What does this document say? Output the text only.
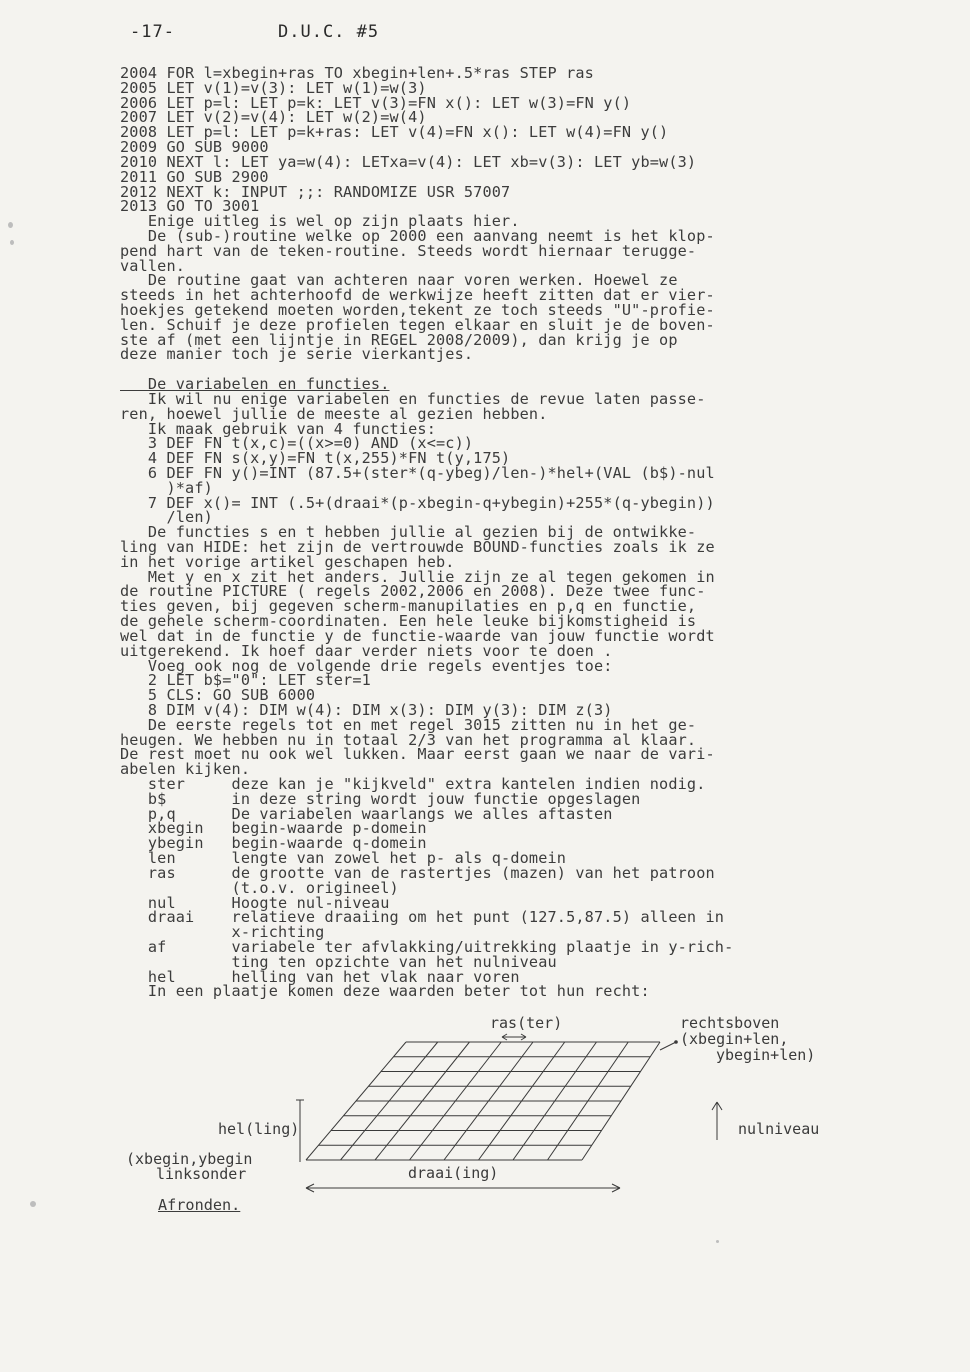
-17-	D.U.C. #5
2004 FOR l=xbegin+ras TO xbegin+len+.5*ras STEP ras
2005 LET v(1)=v(3): LET w(1)=w(3)
2006 LET p=l: LET p=k: LET v(3)=FN x(): LET w(3)=FN y()
2007 LET v(2)=v(4): LET w(2)=w(4)
2008 LET p=l: LET p=k+ras: LET v(4)=FN x(): LET w(4)=FN y()
2009 GO SUB 9000
2010 NEXT l: LET ya=w(4): LETxa=v(4): LET xb=v(3): LET yb=w(3)
2011 GO SUB 2900
2012 NEXT k: INPUT ;;: RANDOMIZE USR 57007
2013 GO TO 3001
Enige uitleg is wel op zijn plaats hier.
De (sub-)routine welke op 2000 een aanvang neemt is het klop-
pend hart van de teken-routine. Steeds wordt hiernaar terugge-
vallen.
De routine gaat van achteren naar voren werken. Hoewel ze
steeds in het achterhoofd de werkwijze heeft zitten dat er vier-
hoekjes getekend moeten worden,tekent ze toch steeds "U"-profie-
len. Schuif je deze profielen tegen elkaar en sluit je de boven-
ste af (met een lijntje in REGEL 2008/2009), dan krijg je op
deze manier toch je serie vierkantjes.
De variabelen en functies.
Ik wil nu enige variabelen en functies de revue laten passe-
ren, hoewel jullie de meeste al gezien hebben.
Ik maak gebruik van 4 functies:
3 DEF FN t(x,c)=((x>=0) AND (x<=c))
4 DEF FN s(x,y)=FN t(x,255)*FN t(y,175)
6 DEF FN y()=INT (87.5+(ster*(q-ybeg)/len-)*hel+(VAL (b$)-nul
)*af)
7 DEF x()= INT (.5+(draai*(p-xbegin-q+ybegin)+255*(q-ybegin))
/len)
De functies s en t hebben jullie al gezien bij de ontwikke-
ling van HIDE: het zijn de vertrouwde BOUND-functies zoals ik ze
in het vorige artikel geschapen heb.
Met y en x zit het anders. Jullie zijn ze al tegen gekomen in
de routine PICTURE ( regels 2002,2006 en 2008). Deze twee func-
ties geven, bij gegeven scherm-manupilaties en p,q en functie,
de gehele scherm-coordinaten. Een hele leuke bijkomstigheid is
wel dat in de functie y de functie-waarde van jouw functie wordt
uitgerekend. Ik hoef daar verder niets voor te doen .
Voeg ook nog de volgende drie regels eventjes toe:
2 LET b$="0": LET ster=1
5 CLS: GO SUB 6000
8 DIM v(4): DIM w(4): DIM x(3): DIM y(3): DIM z(3)
De eerste regels tot en met regel 3015 zitten nu in het ge-
heugen. We hebben nu in totaal 2/3 van het programma al klaar.
De rest moet nu ook wel lukken. Maar eerst gaan we naar de vari-
abelen kijken.
ster     deze kan je "kijkveld" extra kantelen indien nodig.
b$       in deze string wordt jouw functie opgeslagen
p,q      De variabelen waarlangs we alles aftasten
xbegin   begin-waarde p-domein
ybegin   begin-waarde q-domein
len      lengte van zowel het p- als q-domein
ras      de grootte van de rastertjes (mazen) van het patroon
(t.o.v. origineel)
nul      Hoogte nul-niveau
draai    relatieve draaiing om het punt (127.5,87.5) alleen in
x-richting
af       variabele ter afvlakking/uitrekking plaatje in y-rich-
ting ten opzichte van het nulniveau
hel      helling van het vlak naar voren
In een plaatje komen deze waarden beter tot hun recht:
ras(ter)	rechtsboven
(xbegin+len,
ybegin+len)
hel(ling)	nulniveau
(xbegin,ybegin
linksonder	draai(ing)
Afronden.
